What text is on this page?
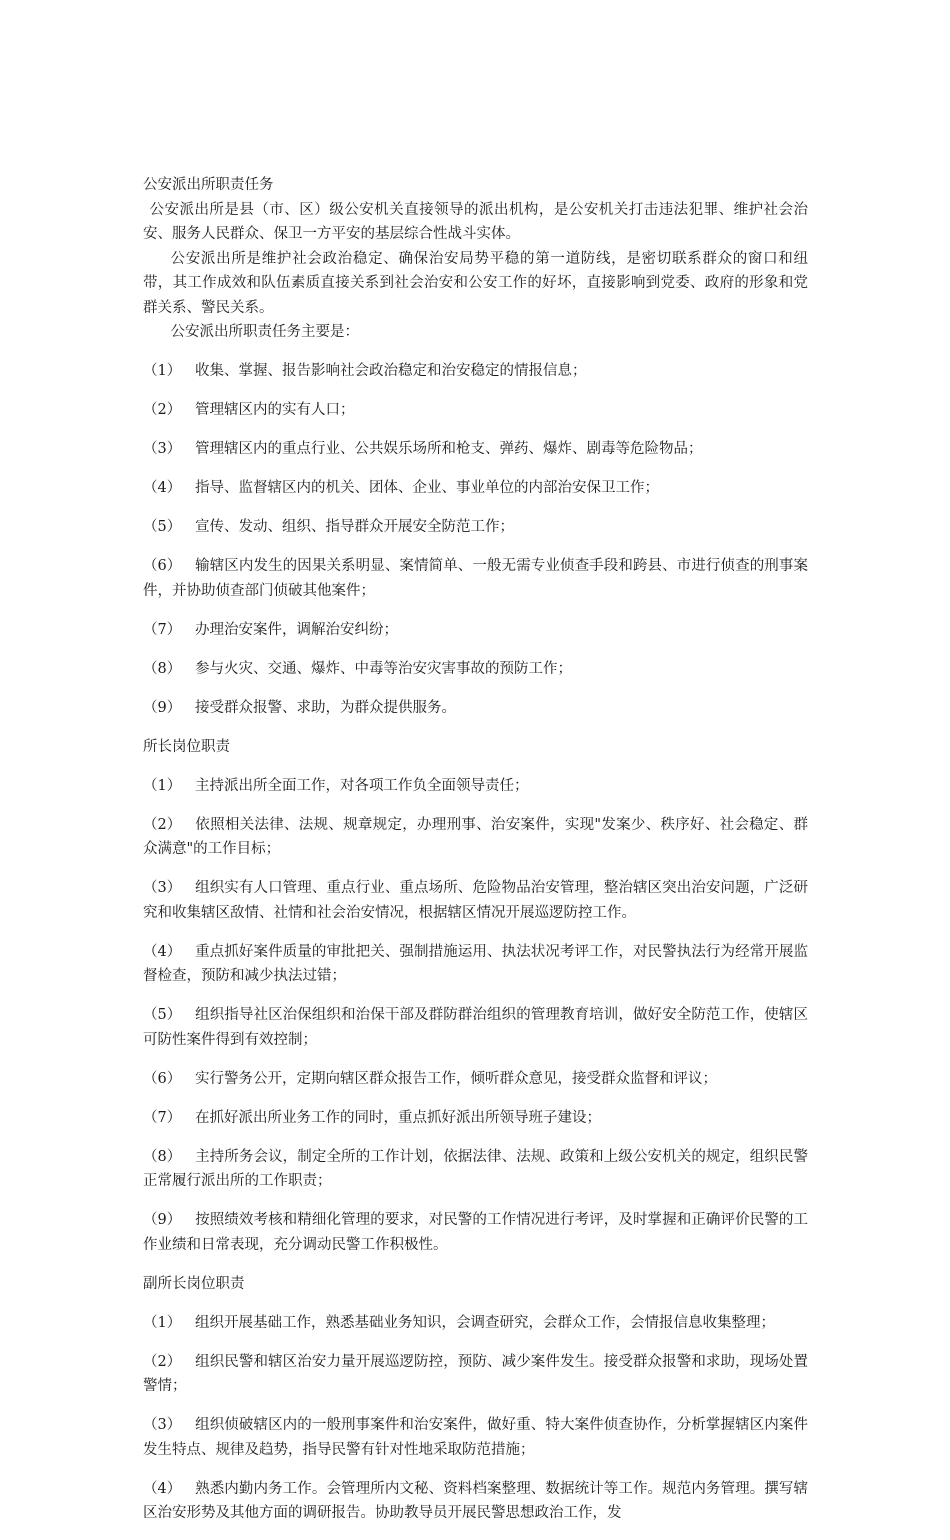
公安派出所职责任务

公安派出所是县（市、区）级公安机关直接领导的派出机构，是公安机关打击违法犯罪、维护社会治安、服务人民群众、保卫一方平安的基层综合性战斗实体。

公安派出所是维护社会政治稳定、确保治安局势平稳的第一道防线，是密切联系群众的窗口和纽带，其工作成效和队伍素质直接关系到社会治安和公安工作的好坏，直接影响到党委、政府的形象和党群关系、警民关系。

公安派出所职责任务主要是：

（1） 收集、掌握、报告影响社会政治稳定和治安稳定的情报信息；

（2） 管理辖区内的实有人口；

（3） 管理辖区内的重点行业、公共娱乐场所和枪支、弹药、爆炸、剧毒等危险物品；

（4） 指导、监督辖区内的机关、团体、企业、事业单位的内部治安保卫工作；

（5） 宣传、发动、组织、指导群众开展安全防范工作；

（6） 输辖区内发生的因果关系明显、案情简单、一般无需专业侦查手段和跨县、市进行侦查的刑事案件，并协助侦查部门侦破其他案件；

（7） 办理治安案件，调解治安纠纷；

（8） 参与火灾、交通、爆炸、中毒等治安灾害事故的预防工作；

（9） 接受群众报警、求助，为群众提供服务。

所长岗位职责

（1） 主持派出所全面工作，对各项工作负全面领导责任；

（2） 依照相关法律、法规、规章规定，办理刑事、治安案件，实现"发案少、秩序好、社会稳定、群众满意"的工作目标；

（3） 组织实有人口管理、重点行业、重点场所、危险物品治安管理，整治辖区突出治安问题，广泛研究和收集辖区敌情、社情和社会治安情况，根据辖区情况开展巡逻防控工作。

（4） 重点抓好案件质量的审批把关、强制措施运用、执法状况考评工作，对民警执法行为经常开展监督检查，预防和减少执法过错；

（5） 组织指导社区治保组织和治保干部及群防群治组织的管理教育培训，做好安全防范工作，使辖区可防性案件得到有效控制；

（6） 实行警务公开，定期向辖区群众报告工作，倾听群众意见，接受群众监督和评议；

（7） 在抓好派出所业务工作的同时，重点抓好派出所领导班子建设；

（8） 主持所务会议，制定全所的工作计划，依据法律、法规、政策和上级公安机关的规定，组织民警正常履行派出所的工作职责；

（9） 按照绩效考核和精细化管理的要求，对民警的工作情况进行考评，及时掌握和正确评价民警的工作业绩和日常表现，充分调动民警工作积极性。

副所长岗位职责

（1） 组织开展基础工作，熟悉基础业务知识，会调查研究，会群众工作，会情报信息收集整理；

（2） 组织民警和辖区治安力量开展巡逻防控，预防、减少案件发生。接受群众报警和求助，现场处置警情；

（3） 组织侦破辖区内的一般刑事案件和治安案件，做好重、特大案件侦查协作，分析掌握辖区内案件发生特点、规律及趋势，指导民警有针对性地采取防范措施；

（4） 熟悉内勤内务工作。会管理所内文秘、资料档案整理、数据统计等工作。规范内务管理。撰写辖区治安形势及其他方面的调研报告。协助教导员开展民警思想政治工作，发
